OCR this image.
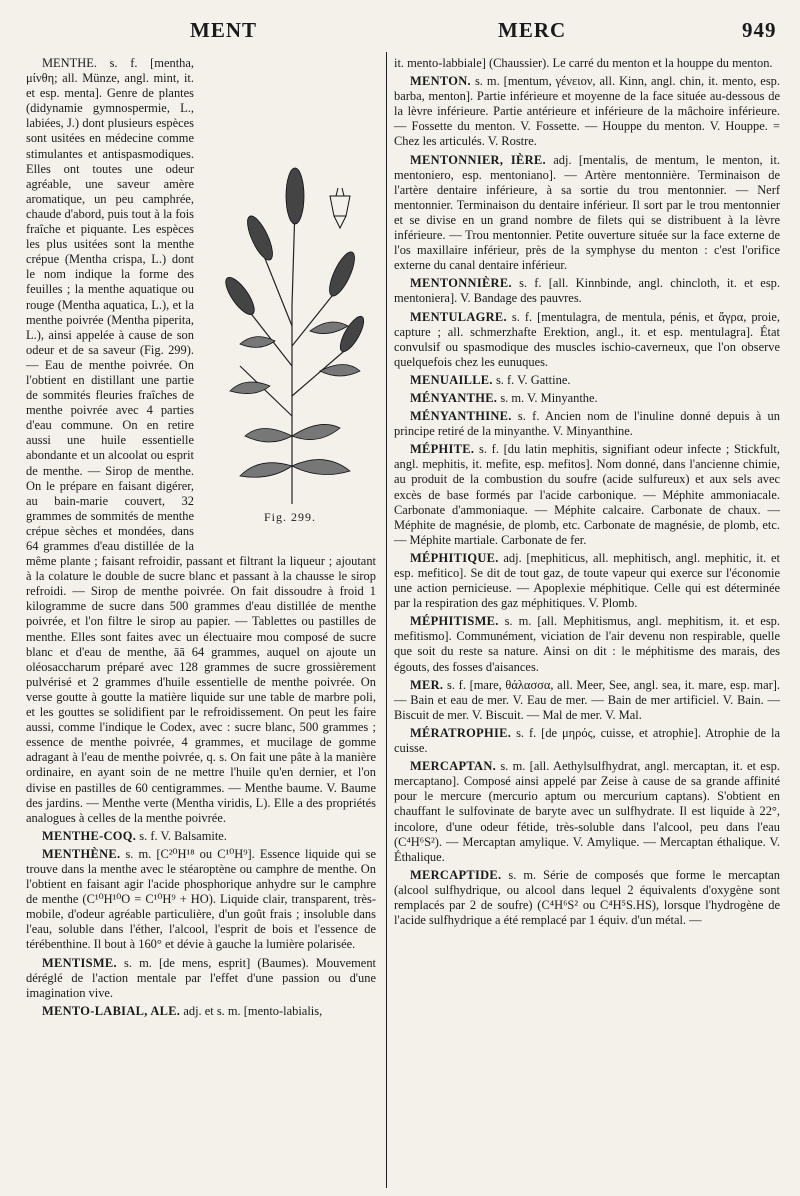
MENT	MERC	949
Fig. 299.

MENTHE. s. f. [mentha, μίνθη; all. Münze, angl. mint, it. et esp. menta]. Genre de plantes (didynamie gymnospermie, L., labiées, J.) dont plusieurs espèces sont usitées en médecine comme stimulantes et antispasmodiques. Elles ont toutes une odeur agréable, une saveur amère aromatique, un peu camphrée, chaude d'abord, puis tout à la fois fraîche et piquante. Les espèces les plus usitées sont la menthe crépue (Mentha crispa, L.) dont le nom indique la forme des feuilles ; la menthe aquatique ou rouge (Mentha aquatica, L.), et la menthe poivrée (Mentha piperita, L.), ainsi appelée à cause de son odeur et de sa saveur (Fig. 299). — Eau de menthe poivrée. On l'obtient en distillant une partie de sommités fleuries fraîches de menthe poivrée avec 4 parties d'eau commune. On en retire aussi une huile essentielle abondante et un alcoolat ou esprit de menthe. — Sirop de menthe. On le prépare en faisant digérer, au bain-marie couvert, 32 grammes de sommités de menthe crépue sèches et mondées, dans 64 grammes d'eau distillée de la même plante ; faisant refroidir, passant et filtrant la liqueur ; ajoutant à la colature le double de sucre blanc et passant à la chausse le sirop refroidi. — Sirop de menthe poivrée. On fait dissoudre à froid 1 kilogramme de sucre dans 500 grammes d'eau distillée de menthe poivrée, et l'on filtre le sirop au papier. — Tablettes ou pastilles de menthe. Elles sont faites avec un électuaire mou composé de sucre blanc et d'eau de menthe, āā 64 grammes, auquel on ajoute un oléosaccharum préparé avec 128 grammes de sucre grossièrement pulvérisé et 2 grammes d'huile essentielle de menthe poivrée. On verse goutte à goutte la matière liquide sur une table de marbre poli, et les gouttes se solidifient par le refroidissement. On peut les faire aussi, comme l'indique le Codex, avec : sucre blanc, 500 grammes ; essence de menthe poivrée, 4 grammes, et mucilage de gomme adragant à l'eau de menthe poivrée, q. s. On fait une pâte à la manière ordinaire, en ayant soin de ne mettre l'huile qu'en dernier, et l'on divise en pastilles de 60 centigrammes. — Menthe baume. V. Baume des jardins. — Menthe verte (Mentha viridis, L). Elle a des propriétés analogues à celles de la menthe poivrée.

MENTHE-COQ. s. f. V. Balsamite.

MENTHÈNE. s. m. [C²⁰H¹⁸ ou C¹⁰H⁹]. Essence liquide qui se trouve dans la menthe avec le stéaroptène ou camphre de menthe. On l'obtient en faisant agir l'acide phosphorique anhydre sur le camphre de menthe (C¹⁰H¹⁰O = C¹⁰H⁹ + HO). Liquide clair, transparent, très-mobile, d'odeur agréable particulière, d'un goût frais ; insoluble dans l'eau, soluble dans l'éther, l'alcool, l'esprit de bois et l'essence de térébenthine. Il bout à 160° et dévie à gauche la lumière polarisée.

MENTISME. s. m. [de mens, esprit] (Baumes). Mouvement déréglé de l'action mentale par l'effet d'une passion ou d'une imagination vive.

MENTO-LABIAL, ALE. adj. et s. m. [mento-labialis,

it. mento-labbiale] (Chaussier). Le carré du menton et la houppe du menton.

MENTON. s. m. [mentum, γένειον, all. Kinn, angl. chin, it. mento, esp. barba, menton]. Partie inférieure et moyenne de la face située au-dessous de la lèvre inférieure. Partie antérieure et inférieure de la mâchoire inférieure. — Fossette du menton. V. Fossette. — Houppe du menton. V. Houppe. = Chez les articulés. V. Rostre.

MENTONNIER, IÈRE. adj. [mentalis, de mentum, le menton, it. mentoniero, esp. mentoniano]. — Artère mentonnière. Terminaison de l'artère dentaire inférieure, à sa sortie du trou mentonnier. — Nerf mentonnier. Terminaison du dentaire inférieur. Il sort par le trou mentonnier et se divise en un grand nombre de filets qui se distribuent à la lèvre inférieure. — Trou mentonnier. Petite ouverture située sur la face externe de l'os maxillaire inférieur, près de la symphyse du menton : c'est l'orifice externe du canal dentaire inférieur.

MENTONNIÈRE. s. f. [all. Kinnbinde, angl. chincloth, it. et esp. mentoniera]. V. Bandage des pauvres.

MENTULAGRE. s. f. [mentulagra, de mentula, pénis, et ἄγρα, proie, capture ; all. schmerzhafte Erektion, angl., it. et esp. mentulagra]. État convulsif ou spasmodique des muscles ischio-caverneux, que l'on observe quelquefois chez les eunuques.

MENUAILLE. s. f. V. Gattine.

MÉNYANTHE. s. m. V. Minyanthe.

MÉNYANTHINE. s. f. Ancien nom de l'inuline donné depuis à un principe retiré de la minyanthe. V. Minyanthine.

MÉPHITE. s. f. [du latin mephitis, signifiant odeur infecte ; Stickfult, angl. mephitis, it. mefite, esp. mefitos]. Nom donné, dans l'ancienne chimie, au produit de la combustion du soufre (acide sulfureux) et aux sels avec excès de base formés par l'acide carbonique. — Méphite ammoniacale. Carbonate d'ammoniaque. — Méphite calcaire. Carbonate de chaux. — Méphite de magnésie, de plomb, etc. Carbonate de magnésie, de plomb, etc. — Méphite martiale. Carbonate de fer.

MÉPHITIQUE. adj. [mephiticus, all. mephitisch, angl. mephitic, it. et esp. mefitico]. Se dit de tout gaz, de toute vapeur qui exerce sur l'économie une action pernicieuse. — Apoplexie méphitique. Celle qui est déterminée par la respiration des gaz méphitiques. V. Plomb.

MÉPHITISME. s. m. [all. Mephitismus, angl. mephitism, it. et esp. mefitismo]. Communément, viciation de l'air devenu non respirable, quelle que soit du reste sa nature. Ainsi on dit : le méphitisme des marais, des égouts, des fosses d'aisances.

MER. s. f. [mare, θάλασσα, all. Meer, See, angl. sea, it. mare, esp. mar]. — Bain et eau de mer. V. Eau de mer. — Bain de mer artificiel. V. Bain. — Biscuit de mer. V. Biscuit. — Mal de mer. V. Mal.

MÉRATROPHIE. s. f. [de μηρός, cuisse, et atrophie]. Atrophie de la cuisse.

MERCAPTAN. s. m. [all. Aethylsulfhydrat, angl. mercaptan, it. et esp. mercaptano]. Composé ainsi appelé par Zeise à cause de sa grande affinité pour le mercure (mercurio aptum ou mercurium captans). S'obtient en chauffant le sulfovinate de baryte avec un sulfhydrate. Il est liquide à 22°, incolore, d'une odeur fétide, très-soluble dans l'alcool, peu dans l'eau (C⁴H⁶S²). — Mercaptan amylique. V. Amylique. — Mercaptan éthalique. V. Éthalique.

MERCAPTIDE. s. m. Série de composés que forme le mercaptan (alcool sulfhydrique, ou alcool dans lequel 2 équivalents d'oxygène sont remplacés par 2 de soufre) (C⁴H⁶S² ou C⁴H⁵S.HS), lorsque l'hydrogène de l'acide sulfhydrique a été remplacé par 1 équiv. d'un métal. —
